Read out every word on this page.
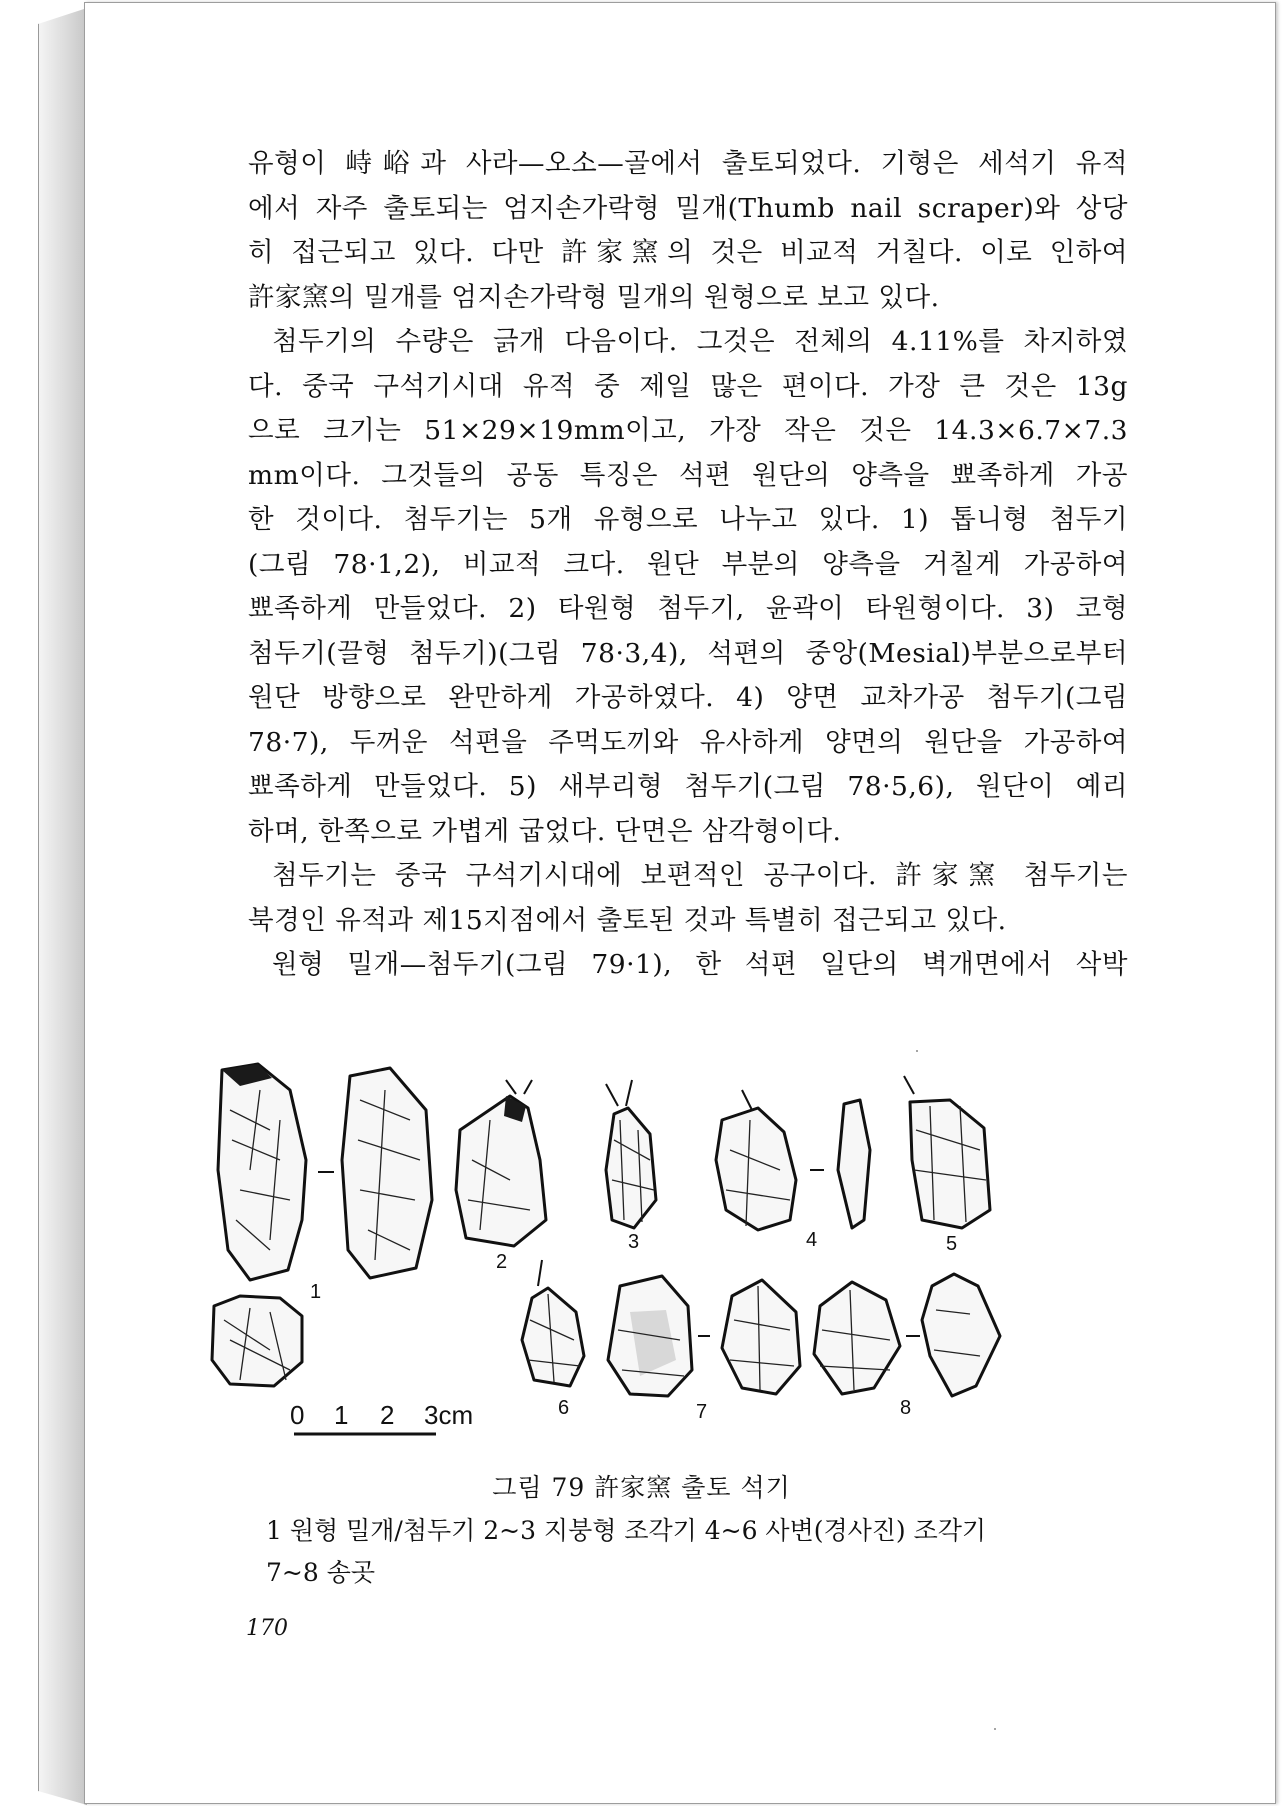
유형이 峙峪과 사라—오소—골에서 출토되었다. 기형은 세석기 유적
에서 자주 출토되는 엄지손가락형 밀개(Thumb nail scraper)와 상당
히 접근되고 있다. 다만 許家窯의 것은 비교적 거칠다. 이로 인하여
許家窯의 밀개를 엄지손가락형 밀개의 원형으로 보고 있다.
첨두기의 수량은 긁개 다음이다. 그것은 전체의 4.11%를 차지하였
다. 중국 구석기시대 유적 중 제일 많은 편이다. 가장 큰 것은 13g
으로 크기는 51×29×19mm이고, 가장 작은 것은 14.3×6.7×7.3
mm이다. 그것들의 공동 특징은 석편 원단의 양측을 뾰족하게 가공
한 것이다. 첨두기는 5개 유형으로 나누고 있다. 1) 톱니형 첨두기
(그림 78·1,2), 비교적 크다. 원단 부분의 양측을 거칠게 가공하여
뾰족하게 만들었다. 2) 타원형 첨두기, 윤곽이 타원형이다. 3) 코형
첨두기(끌형 첨두기)(그림 78·3,4), 석편의 중앙(Mesial)부분으로부터
원단 방향으로 완만하게 가공하였다. 4) 양면 교차가공 첨두기(그림
78·7), 두꺼운 석편을 주먹도끼와 유사하게 양면의 원단을 가공하여
뾰족하게 만들었다. 5) 새부리형 첨두기(그림 78·5,6), 원단이 예리
하며, 한쪽으로 가볍게 굽었다. 단면은 삼각형이다.
첨두기는 중국 구석기시대에 보편적인 공구이다. 許家窯 첨두기는
북경인 유적과 제15지점에서 출토된 것과 특별히 접근되고 있다.
원형 밀개—첨두기(그림 79·1), 한 석편 일단의 벽개면에서 삭박
1
2
3	4	5
6	7	8
0 1 2 3cm
그림 79 許家窯 출토 석기
1 원형 밀개/첨두기 2~3 지붕형 조각기 4~6 사변(경사진) 조각기
7~8 송곳
170
